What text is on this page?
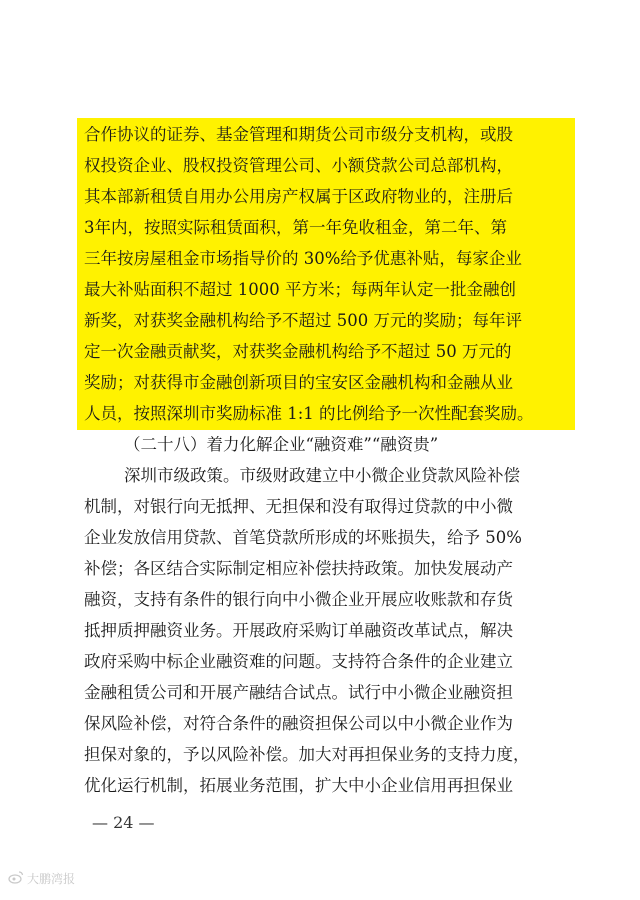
合作协议的证券、基金管理和期货公司市级分支机构，或股
权投资企业、股权投资管理公司、小额贷款公司总部机构，
其本部新租赁自用办公用房产权属于区政府物业的，注册后
3年内，按照实际租赁面积，第一年免收租金，第二年、第
三年按房屋租金市场指导价的 30%给予优惠补贴，每家企业
最大补贴面积不超过 1000 平方米；每两年认定一批金融创
新奖，对获奖金融机构给予不超过 500 万元的奖励；每年评
定一次金融贡献奖，对获奖金融机构给予不超过 50 万元的
奖励；对获得市金融创新项目的宝安区金融机构和金融从业
人员，按照深圳市奖励标准 1:1 的比例给予一次性配套奖励。
（二十八）着力化解企业“融资难”“融资贵”
深圳市级政策。市级财政建立中小微企业贷款风险补偿
机制，对银行向无抵押、无担保和没有取得过贷款的中小微
企业发放信用贷款、首笔贷款所形成的坏账损失，给予 50%
补偿；各区结合实际制定相应补偿扶持政策。加快发展动产
融资，支持有条件的银行向中小微企业开展应收账款和存货
抵押质押融资业务。开展政府采购订单融资改革试点，解决
政府采购中标企业融资难的问题。支持符合条件的企业建立
金融租赁公司和开展产融结合试点。试行中小微企业融资担
保风险补偿，对符合条件的融资担保公司以中小微企业作为
担保对象的，予以风险补偿。加大对再担保业务的支持力度，
优化运行机制，拓展业务范围，扩大中小企业信用再担保业
— 24 —
大鹏湾报
